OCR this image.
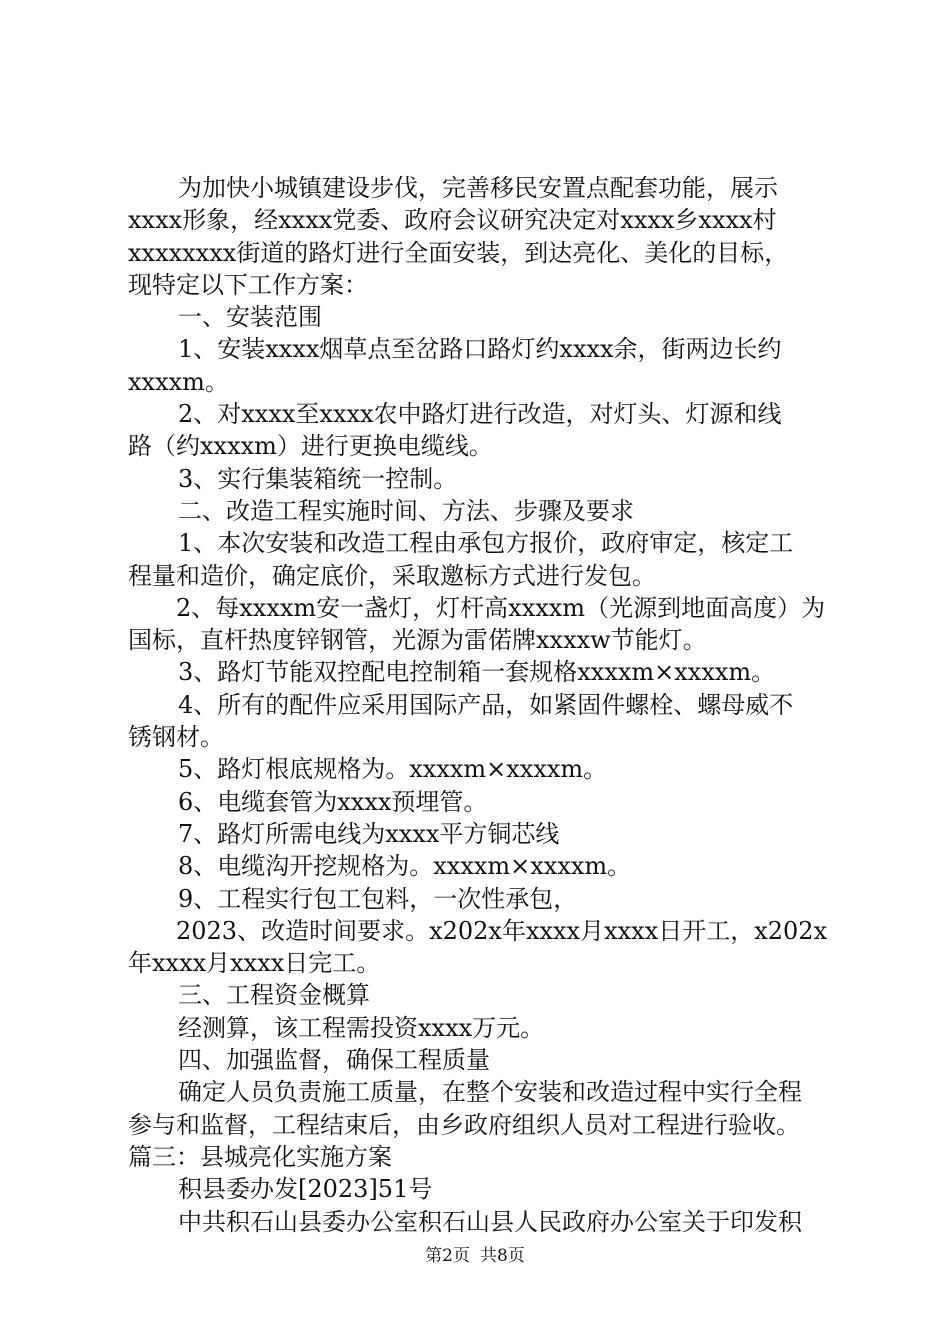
为加快小城镇建设步伐，完善移民安置点配套功能，展示
xxxx形象，经xxxx党委、政府会议研究决定对xxxx乡xxxx村
xxxxxxxx街道的路灯进行全面安装，到达亮化、美化的目标，
现特定以下工作方案：
一、安装范围
1、安装xxxx烟草点至岔路口路灯约xxxx余，街两边长约
xxxxm。
2、对xxxx至xxxx农中路灯进行改造，对灯头、灯源和线
路（约xxxxm）进行更换电缆线。
3、实行集装箱统一控制。
二、改造工程实施时间、方法、步骤及要求
1、本次安装和改造工程由承包方报价，政府审定，核定工
程量和造价，确定底价，采取邀标方式进行发包。
2、每xxxxm安一盏灯，灯杆高xxxxm（光源到地面高度）为
国标，直杆热度锌钢管，光源为雷偌牌xxxxw节能灯。
3、路灯节能双控配电控制箱一套规格xxxxm×xxxxm。
4、所有的配件应采用国际产品，如紧固件螺栓、螺母威不
锈钢材。
5、路灯根底规格为。xxxxm×xxxxm。
6、电缆套管为xxxx预埋管。
7、路灯所需电线为xxxx平方铜芯线
8、电缆沟开挖规格为。xxxxm×xxxxm。
9、工程实行包工包料，一次性承包，
2023、改造时间要求。x202x年xxxx月xxxx日开工，x202x
年xxxx月xxxx日完工。
三、工程资金概算
经测算，该工程需投资xxxx万元。
四、加强监督，确保工程质量
确定人员负责施工质量，在整个安装和改造过程中实行全程
参与和监督，工程结束后，由乡政府组织人员对工程进行验收。
篇三：县城亮化实施方案
积县委办发[2023]51号
中共积石山县委办公室积石山县人民政府办公室关于印发积
第2页 共8页
